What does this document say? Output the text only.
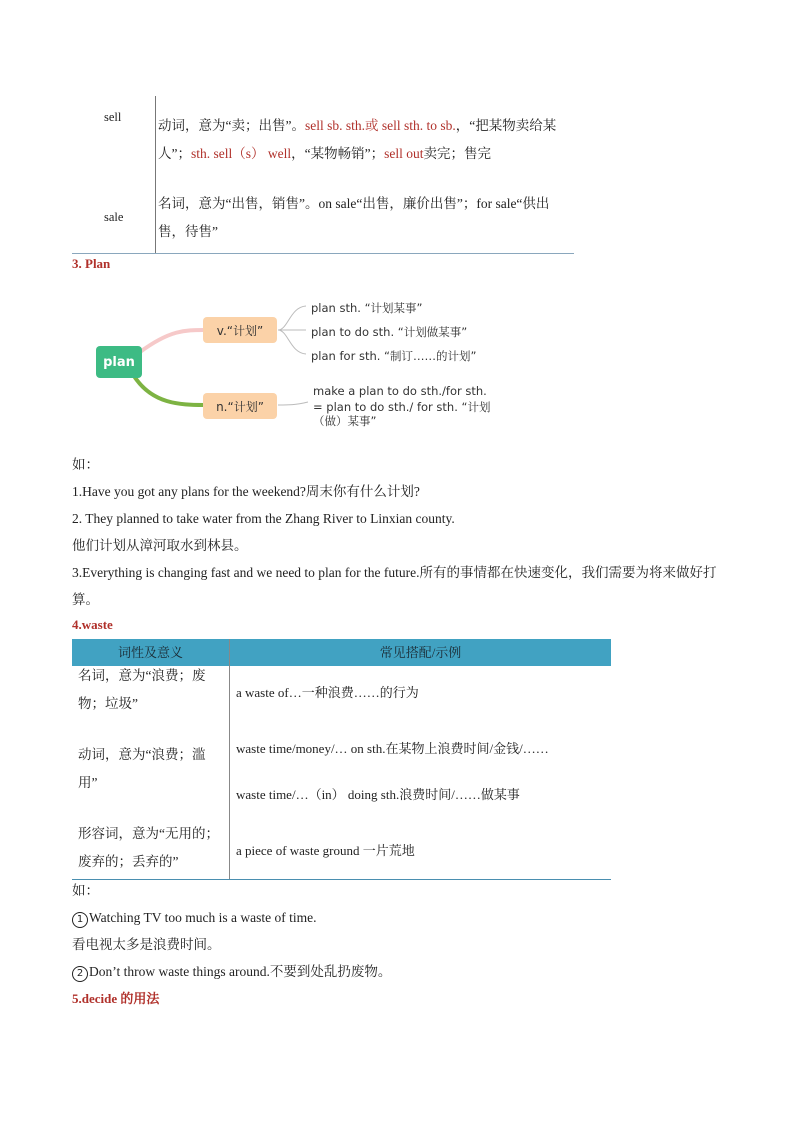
sell
动词，意为“卖；出售”。sell sb. sth.或 sell sth. to sb.，“把某物卖给某人”；sth. sell（s） well，“某物畅销”；sell out卖完；售完
sale
名词，意为“出售，销售”。on sale“出售，廉价出售”；for sale“供出售，待售”
3. Plan
plan
v.“计划”
n.“计划”
plan sth. “计划某事”
plan to do sth. “计划做某事”
plan for sth. “制订……的计划”
make a plan to do sth./for sth.
= plan to do sth./ for sth. “计划
（做）某事”
如：
1.Have you got any plans for the weekend?周末你有什么计划?
2. They planned to take water from the Zhang River to Linxian county.
他们计划从漳河取水到林县。
3.Everything is changing fast and we need to plan for the future.所有的事情都在快速变化，我们需要为将来做好打算。
4.waste
词性及意义	常见搭配/示例
名词，意为“浪费；废物；垃圾”
a waste of…一种浪费……的行为
动词，意为“浪费；滥用”
waste time/money/… on sth.在某物上浪费时间/金钱/……
waste time/…（in） doing sth.浪费时间/……做某事
形容词，意为“无用的；废弃的；丢弃的”
a piece of waste ground 一片荒地
如：
1 Watching TV too much is a waste of time.
看电视太多是浪费时间。
2 Don’t throw waste things around.不要到处乱扔废物。
5.decide 的用法
